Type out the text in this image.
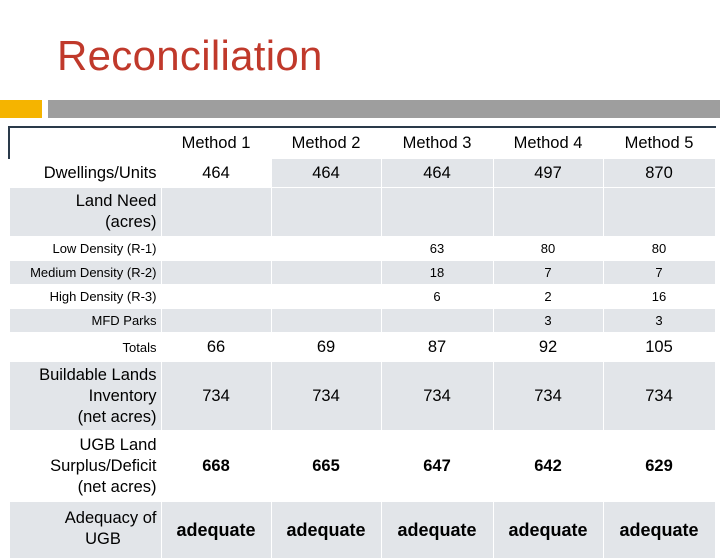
Reconciliation
	Method 1	Method 2	Method 3	Method 4	Method 5
Dwellings/Units	464	464	464	497	870

Land Need
(acres)					

Low Density (R-1)			63	80	80
Medium Density (R-2)			18	7	7
High Density (R-3)			6	2	16
MFD Parks				3	3
Totals	66	69	87	92	105

Buildable Lands
Inventory
(net acres)	734	734	734	734	734

UGB Land
Surplus/Deficit
(net acres)	668	665	647	642	629

Adequacy of
UGB	adequate	adequate	adequate	adequate	adequate
